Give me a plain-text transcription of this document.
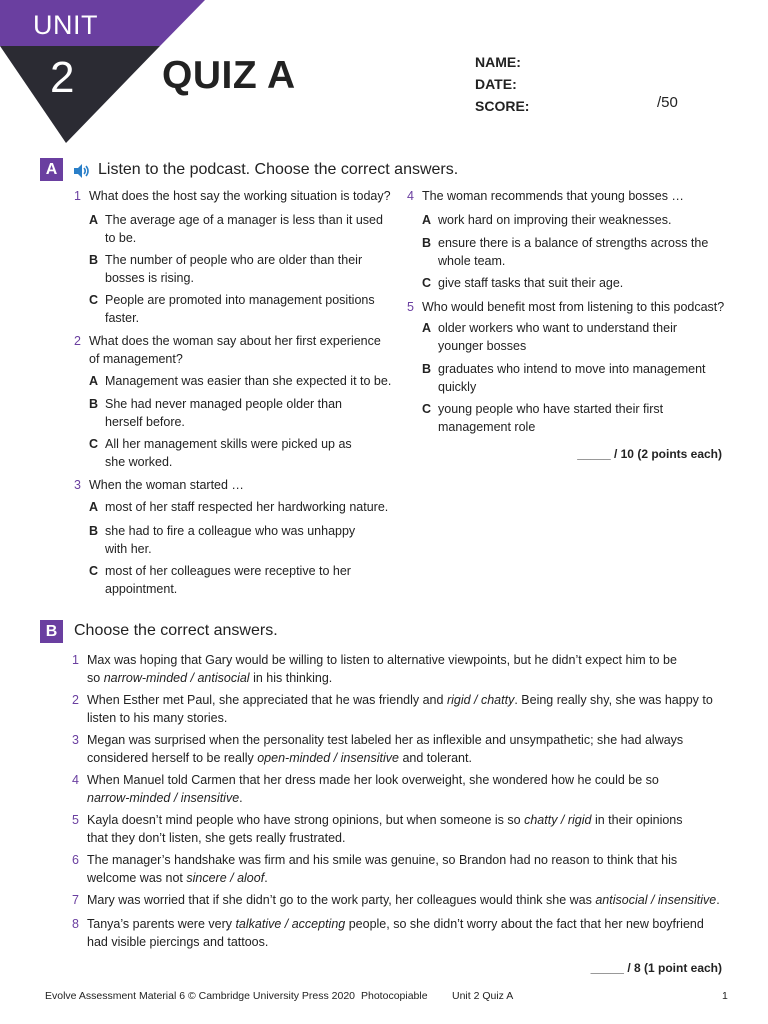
UNIT
2 QUIZ A	NAME:
DATE:
SCORE:	/50
A	Listen to the podcast. Choose the correct answers.
1 What does the host say the working situation is today?
A The average age of a manager is less than it used
to be.
B The number of people who are older than their
bosses is rising.
C People are promoted into management positions
faster.
2 What does the woman say about her first experience
of management?
A Management was easier than she expected it to be.
B She had never managed people older than
herself before.
C All her management skills were picked up as
she worked.
3 When the woman started …
A most of her staff respected her hardworking nature.
B she had to fire a colleague who was unhappy
with her.
C most of her colleagues were receptive to her
appointment.
4 The woman recommends that young bosses …
A work hard on improving their weaknesses.
B ensure there is a balance of strengths across the
whole team.
C give staff tasks that suit their age.
5 Who would benefit most from listening to this podcast?
A older workers who want to understand their
younger bosses
B graduates who intend to move into management
quickly
C young people who have started their first
management role
_____ / 10 (2 points each)
B	Choose the correct answers.
1 Max was hoping that Gary would be willing to listen to alternative viewpoints, but he didn’t expect him to be
so narrow-minded / antisocial in his thinking.
2 When Esther met Paul, she appreciated that he was friendly and rigid / chatty. Being really shy, she was happy to
listen to his many stories.
3 Megan was surprised when the personality test labeled her as inflexible and unsympathetic; she had always
considered herself to be really open-minded / insensitive and tolerant.
4 When Manuel told Carmen that her dress made her look overweight, she wondered how he could be so
narrow-minded / insensitive.
5 Kayla doesn’t mind people who have strong opinions, but when someone is so chatty / rigid in their opinions
that they don’t listen, she gets really frustrated.
6 The manager’s handshake was firm and his smile was genuine, so Brandon had no reason to think that his
welcome was not sincere / aloof.
7 Mary was worried that if she didn’t go to the work party, her colleagues would think she was antisocial / insensitive.
8 Tanya’s parents were very talkative / accepting people, so she didn’t worry about the fact that her new boyfriend
had visible piercings and tattoos.
_____ / 8 (1 point each)
Evolve Assessment Material 6 © Cambridge University Press 2020 Photocopiable Unit 2 Quiz A	1
